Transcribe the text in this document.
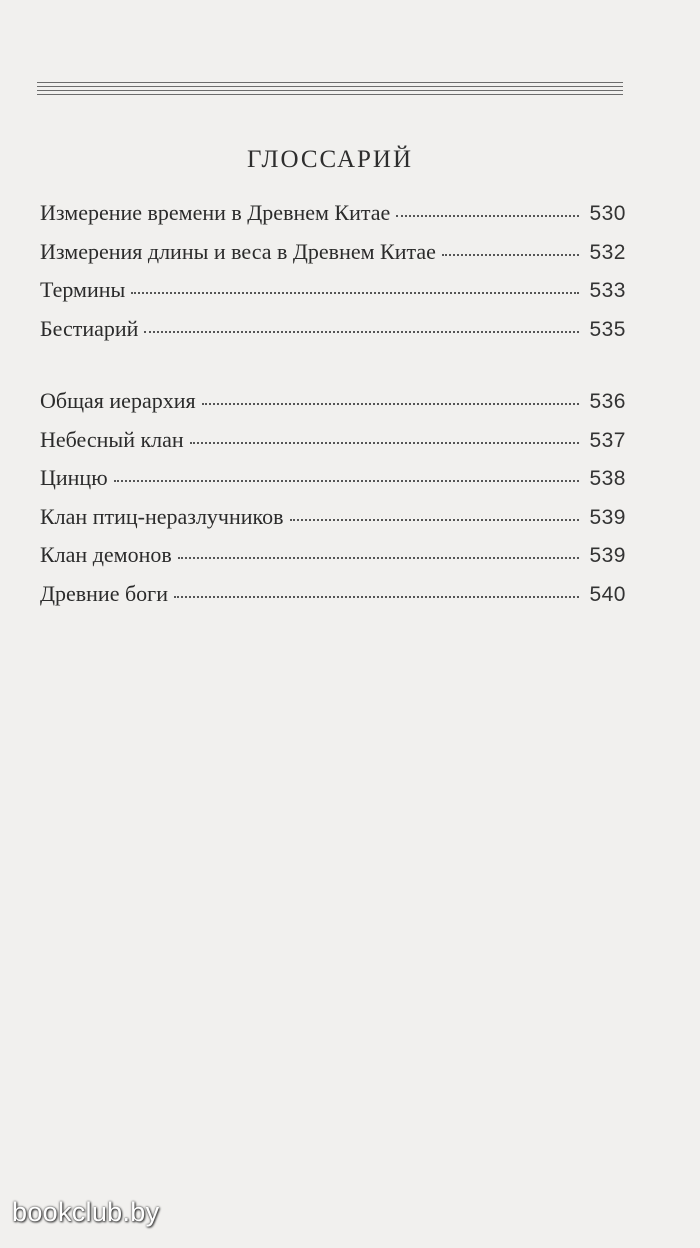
ГЛОССАРИЙ
Измерение времени в Древнем Китае	530
Измерения длины и веса в Древнем Китае	532
Термины	533
Бестиарий	535
Общая иерархия	536
Небесный клан	537
Цинцю	538
Клан птиц-неразлучников	539
Клан демонов	539
Древние боги	540
bookclub.by
